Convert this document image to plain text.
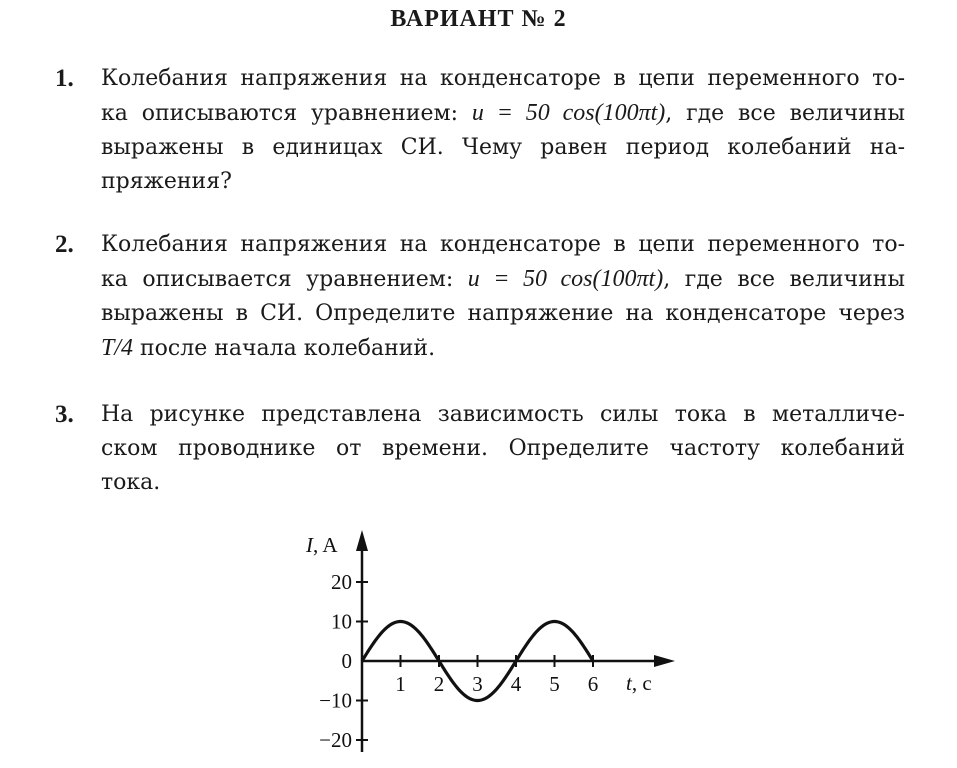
ВАРИАНТ № 2
1. Колебания напряжения на конденсаторе в цепи переменного то-
ка описываются уравнением: u = 50 cos(100πt), где все величины
выражены в единицах СИ. Чему равен период колебаний на-
пряжения?
2. Колебания напряжения на конденсаторе в цепи переменного то-
ка описывается уравнением: u = 50 cos(100πt), где все величины
выражены в СИ. Определите напряжение на конденсаторе через
T/4 после начала колебаний.
3. На рисунке представлена зависимость силы тока в металличе-
ском проводнике от времени. Определите частоту колебаний
тока.
1 2 3 4 5 6
20
10
0
−10
−20
I, A
t, c
